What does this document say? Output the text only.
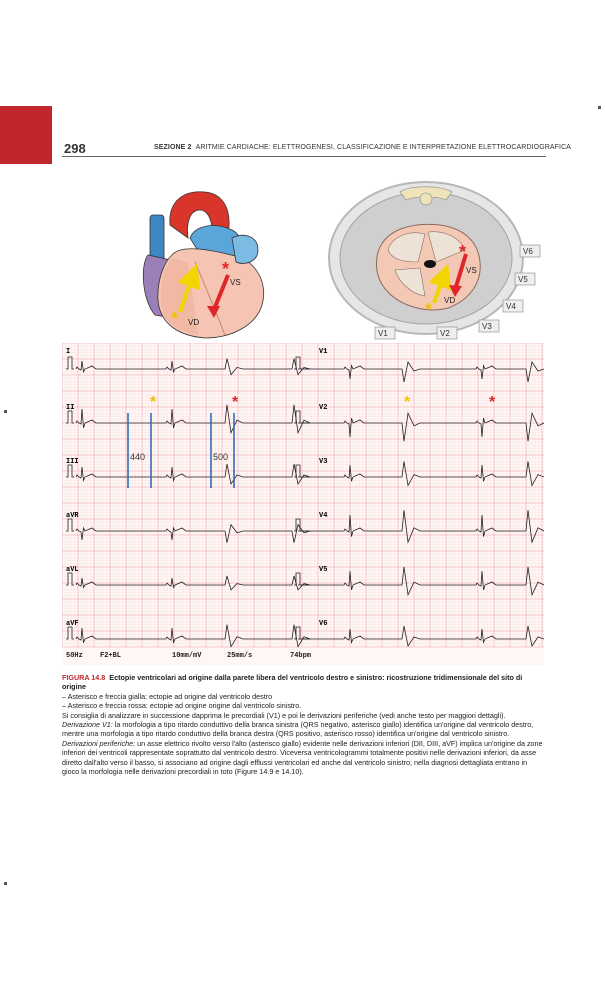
298	SEZIONE 2 ARITMIE CARDIACHE: ELETTROGENESI, CLASSIFICAZIONE E INTERPRETAZIONE ELETTROCARDIOGRAFICA
*
*
VS
VD
*
*
VS
VD
V6
V5
V4
V3
V2
V1
I
II
III
aVR
aVL
aVF
V1
V2
V3
V4
V5
V6
440	500
*	*	*	*
50Hz F2+BL	10mm/mV	25mm/s	74bpm

FIGURA 14.8 Ectopie ventricolari ad origine dalla parete libera del ventricolo destro e sinistro: ricostruzione tridimensionale del sito di origine

– Asterisco e freccia gialla: ectopie ad origine dal ventricolo destro

– Asterisco e freccia rossa: ectopie ad origine origine dal ventricolo sinistro.

Si consiglia di analizzare in successione dapprima le precordiali (V1) e poi le derivazioni periferiche (vedi anche testo per maggiori dettagli).

Derivazione V1: la morfologia a tipo ritardo conduttivo della branca sinistra (QRS negativo, asterisco giallo) identifica un'origine dal ventricolo destro, mentre una morfologia a tipo ritardo conduttivo della branca destra (QRS positivo, asterisco rosso) identifica un'origine dal ventricolo sinistro.

Derivazioni periferiche: un asse elettrico rivolto verso l'alto (asterisco giallo) evidente nelle derivazioni inferiori (DII, DIII, aVF) implica un'origine da zone inferiori dei ventricoli rappresentate soprattutto dal ventricolo destro. Viceversa ventricologrammi totalmente positivi nelle derivazioni inferiori, da asse diretto dall'alto verso il basso, si associano ad origine dagli efflussi ventricolari ed anche dal ventricolo sinistro; nella diagnosi dettagliata entrano in gioco la morfologia nelle derivazioni precordiali in toto (Figure 14.9 e 14.10).
